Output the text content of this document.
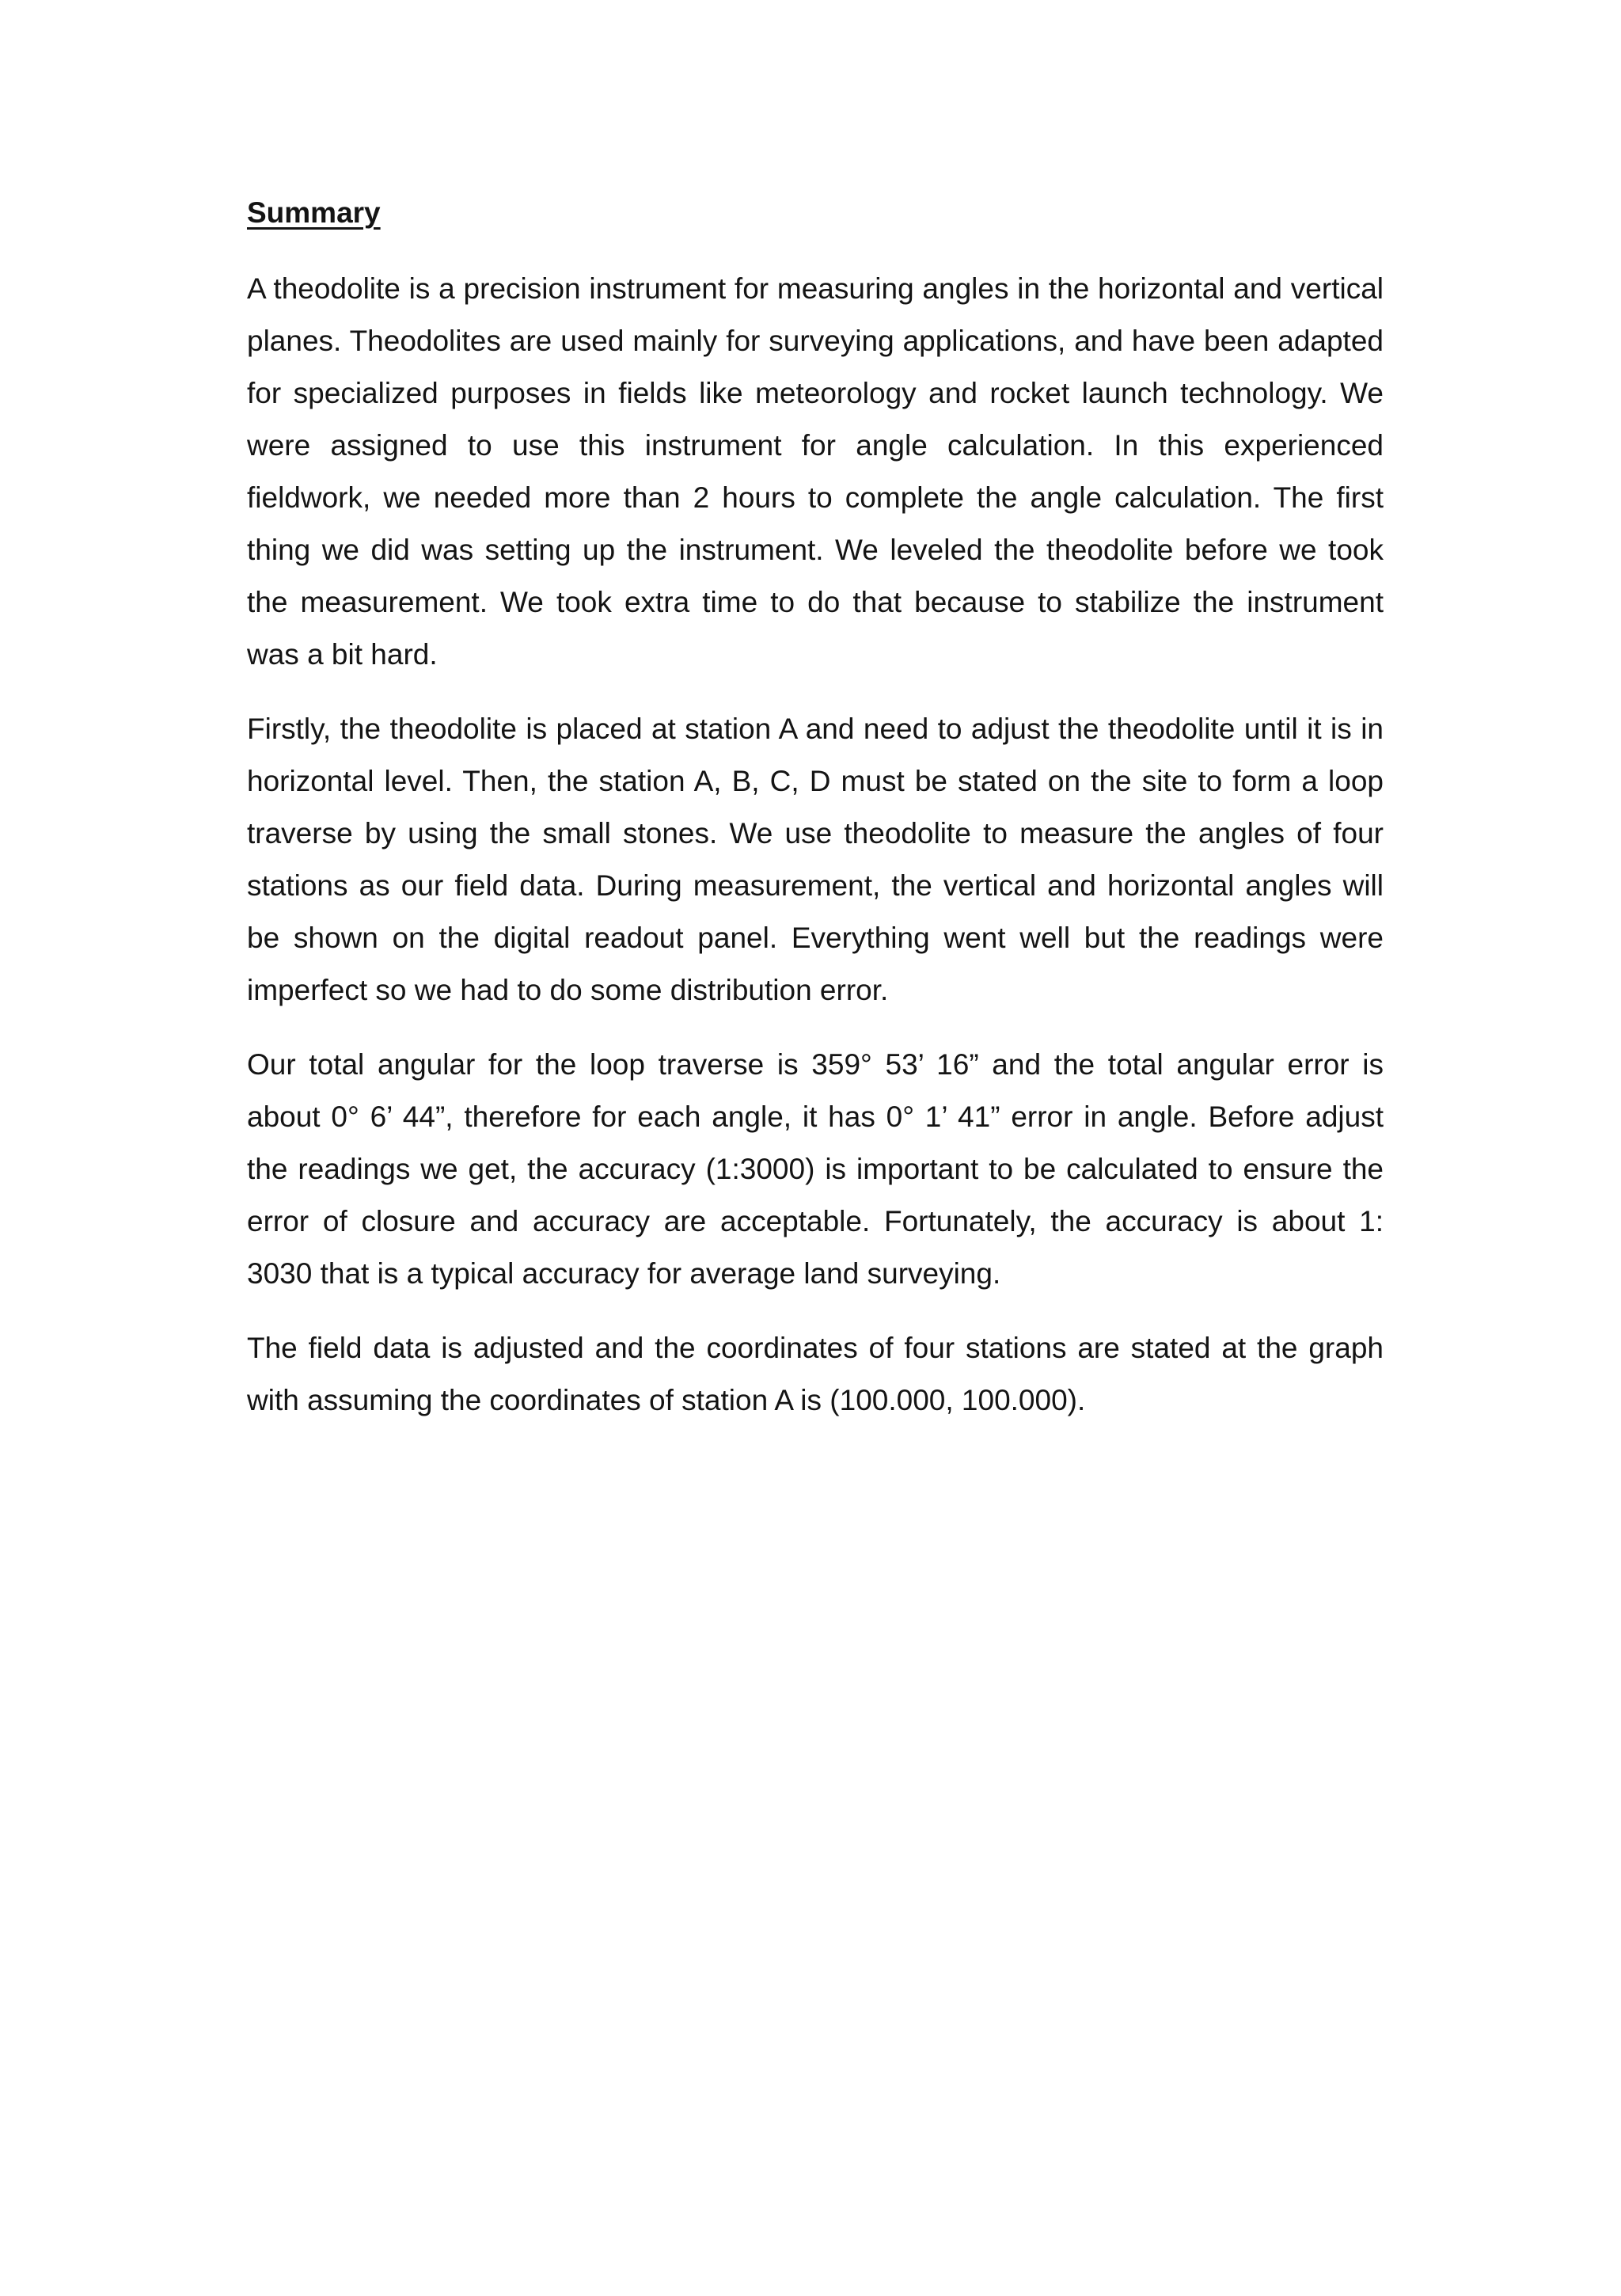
Summary

A theodolite is a precision instrument for measuring angles in the horizontal and vertical planes. Theodolites are used mainly for surveying applications, and have been adapted for specialized purposes in fields like meteorology and rocket launch technology. We were assigned to use this instrument for angle calculation. In this experienced fieldwork, we needed more than 2 hours to complete the angle calculation. The first thing we did was setting up the instrument. We leveled the theodolite before we took the measurement. We took extra time to do that because to stabilize the instrument was a bit hard.

Firstly, the theodolite is placed at station A and need to adjust the theodolite until it is in horizontal level. Then, the station A, B, C, D must be stated on the site to form a loop traverse by using the small stones. We use theodolite to measure the angles of four stations as our field data. During measurement, the vertical and horizontal angles will be shown on the digital readout panel. Everything went well but the readings were imperfect so we had to do some distribution error.

Our total angular for the loop traverse is 359° 53’ 16” and the total angular error is about 0° 6’ 44”, therefore for each angle, it has 0° 1’ 41” error in angle. Before adjust the readings we get, the accuracy (1:3000) is important to be calculated to ensure the error of closure and accuracy are acceptable. Fortunately, the accuracy is about 1: 3030 that is a typical accuracy for average land surveying.

The field data is adjusted and the coordinates of four stations are stated at the graph with assuming the coordinates of station A is (100.000, 100.000).
